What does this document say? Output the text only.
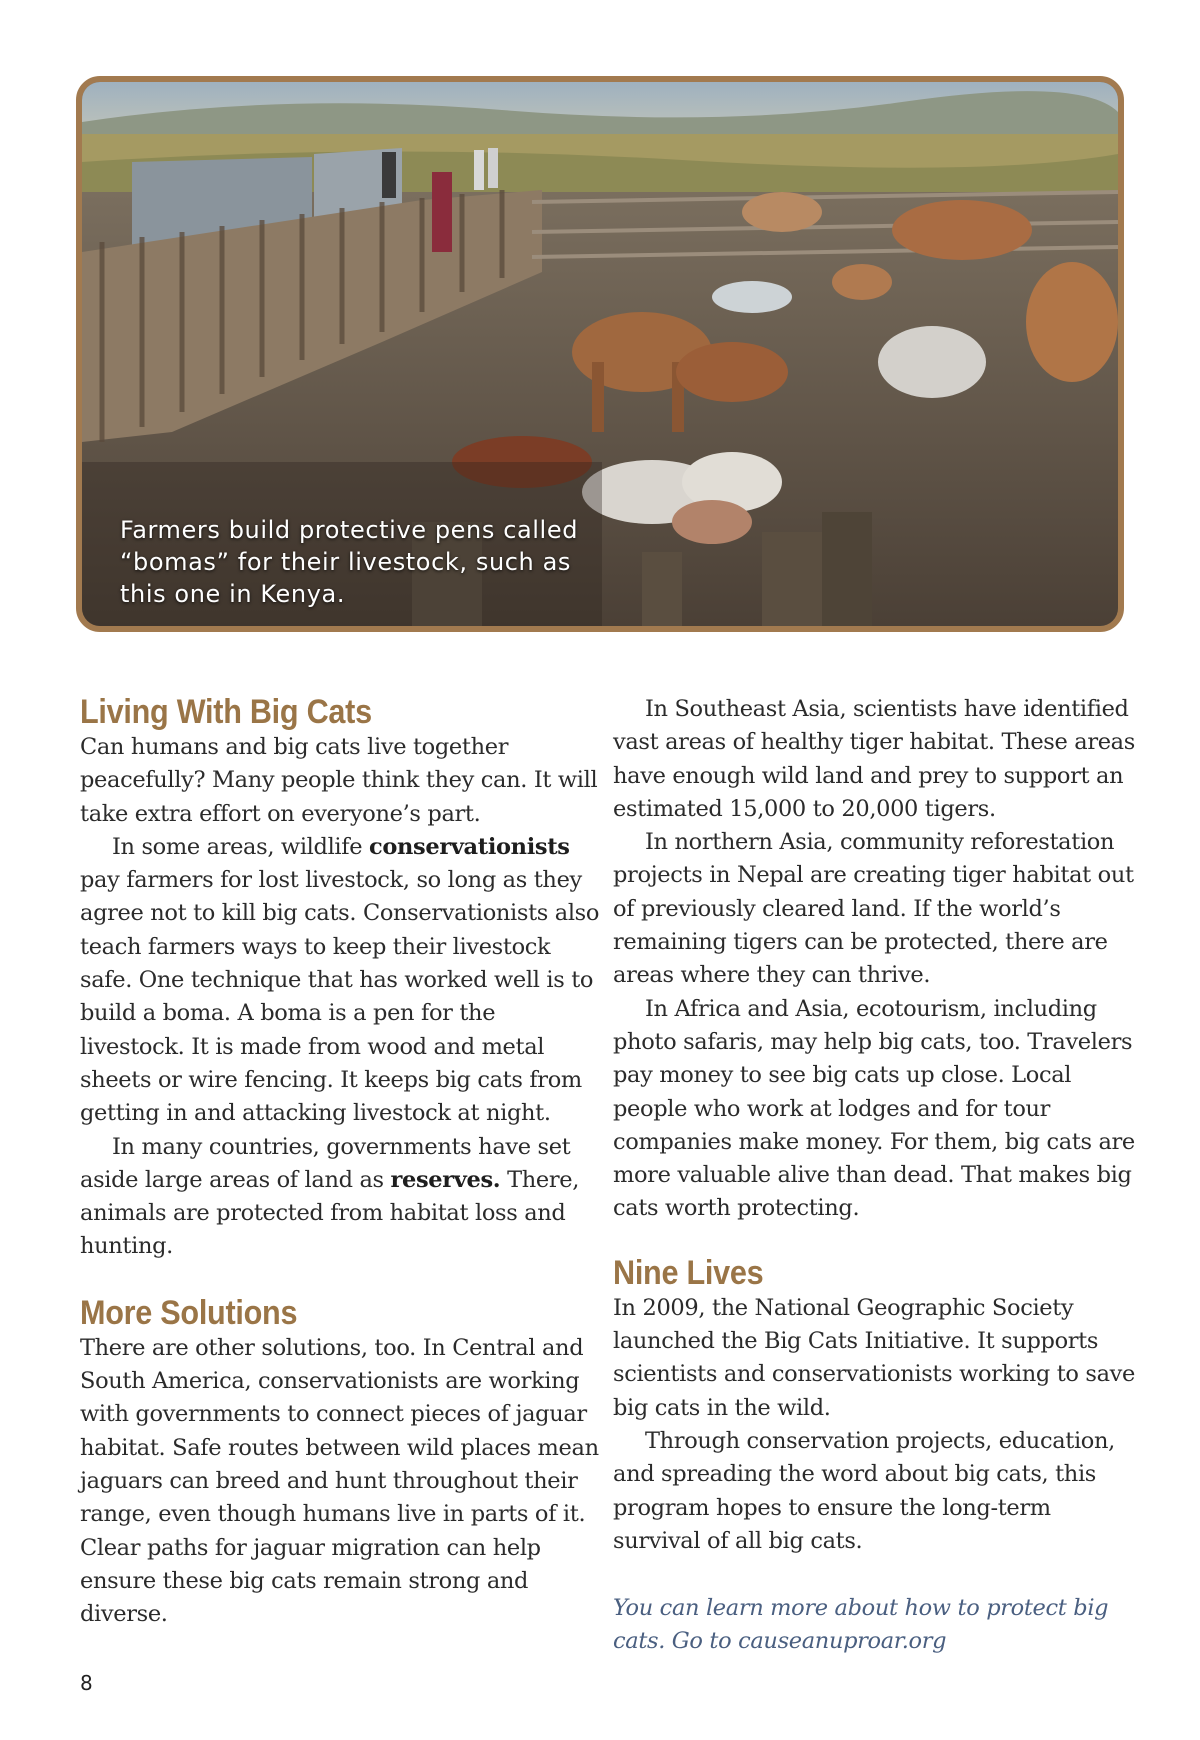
Farmers build protective pens called “bomas” for their livestock, such as this one in Kenya.

Living With Big Cats

Can humans and big cats live together peacefully? Many people think they can. It will take extra effort on everyone’s part.

In some areas, wildlife conservationists pay farmers for lost livestock, so long as they agree not to kill big cats. Conservationists also teach farmers ways to keep their livestock safe. One technique that has worked well is to build a boma. A boma is a pen for the livestock. It is made from wood and metal sheets or wire fencing. It keeps big cats from getting in and attacking livestock at night.

In many countries, governments have set aside large areas of land as reserves. There, animals are protected from habitat loss and hunting.

More Solutions

There are other solutions, too. In Central and South America, conservationists are working with governments to connect pieces of jaguar habitat. Safe routes between wild places mean jaguars can breed and hunt throughout their range, even though humans live in parts of it. Clear paths for jaguar migration can help ensure these big cats remain strong and diverse.

In Southeast Asia, scientists have identified vast areas of healthy tiger habitat. These areas have enough wild land and prey to support an estimated 15,000 to 20,000 tigers.

In northern Asia, community reforestation projects in Nepal are creating tiger habitat out of previously cleared land. If the world’s remaining tigers can be protected, there are areas where they can thrive.

In Africa and Asia, ecotourism, including photo safaris, may help big cats, too. Travelers pay money to see big cats up close. Local people who work at lodges and for tour companies make money. For them, big cats are more valuable alive than dead. That makes big cats worth protecting.

Nine Lives

In 2009, the National Geographic Society launched the Big Cats Initiative. It supports scientists and conservationists working to save big cats in the wild.

Through conservation projects, education, and spreading the word about big cats, this program hopes to ensure the long-term survival of all big cats.

You can learn more about how to protect big cats. Go to causeanuproar.org

8
